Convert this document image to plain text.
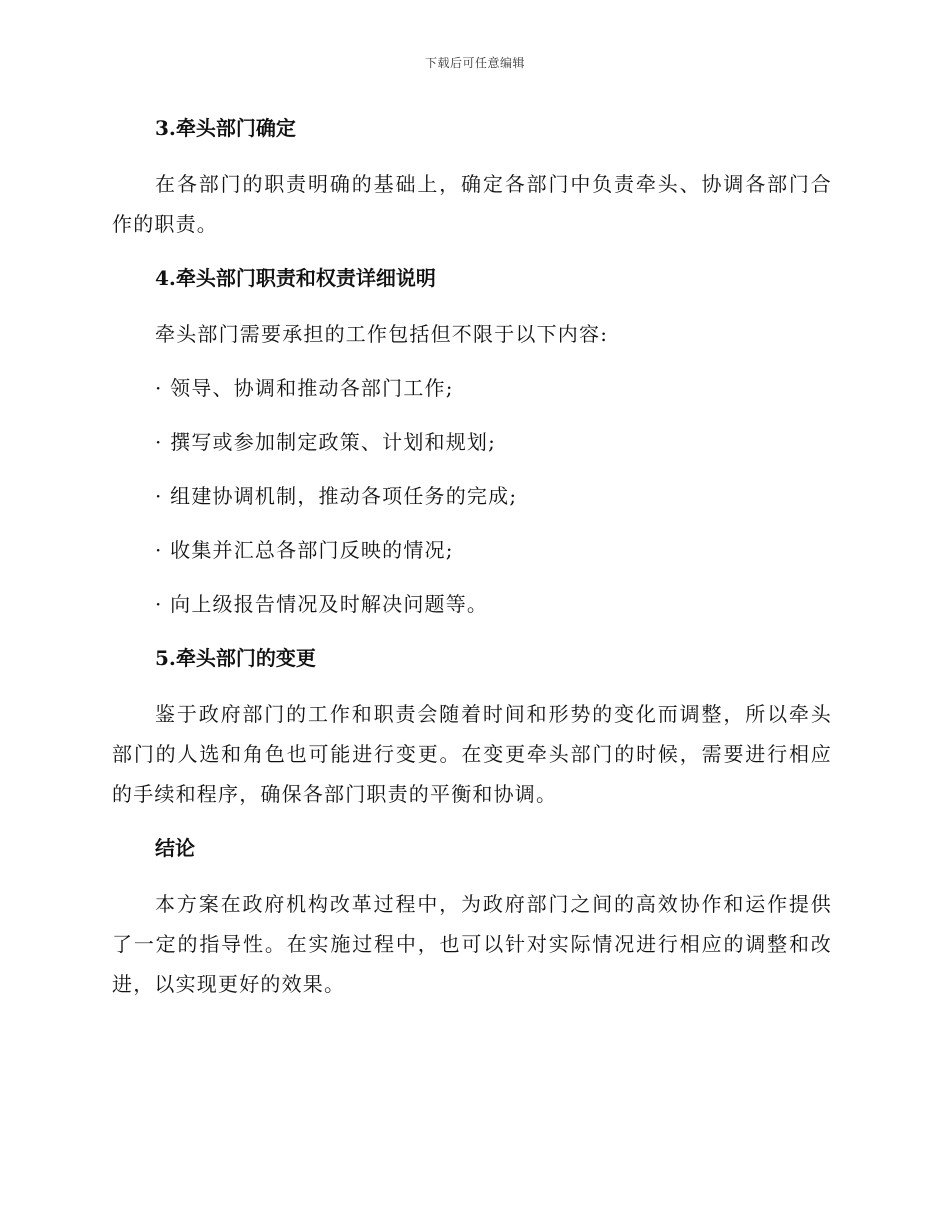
下载后可任意编辑
3.牵头部门确定
在各部门的职责明确的基础上，确定各部门中负责牵头、协调各部门合作的职责。
4.牵头部门职责和权责详细说明
牵头部门需要承担的工作包括但不限于以下内容:
· 领导、协调和推动各部门工作;
· 撰写或参加制定政策、计划和规划;
· 组建协调机制，推动各项任务的完成;
· 收集并汇总各部门反映的情况;
· 向上级报告情况及时解决问题等。
5.牵头部门的变更
鉴于政府部门的工作和职责会随着时间和形势的变化而调整，所以牵头部门的人选和角色也可能进行变更。在变更牵头部门的时候，需要进行相应的手续和程序，确保各部门职责的平衡和协调。
结论
本方案在政府机构改革过程中，为政府部门之间的高效协作和运作提供了一定的指导性。在实施过程中，也可以针对实际情况进行相应的调整和改进，以实现更好的效果。
